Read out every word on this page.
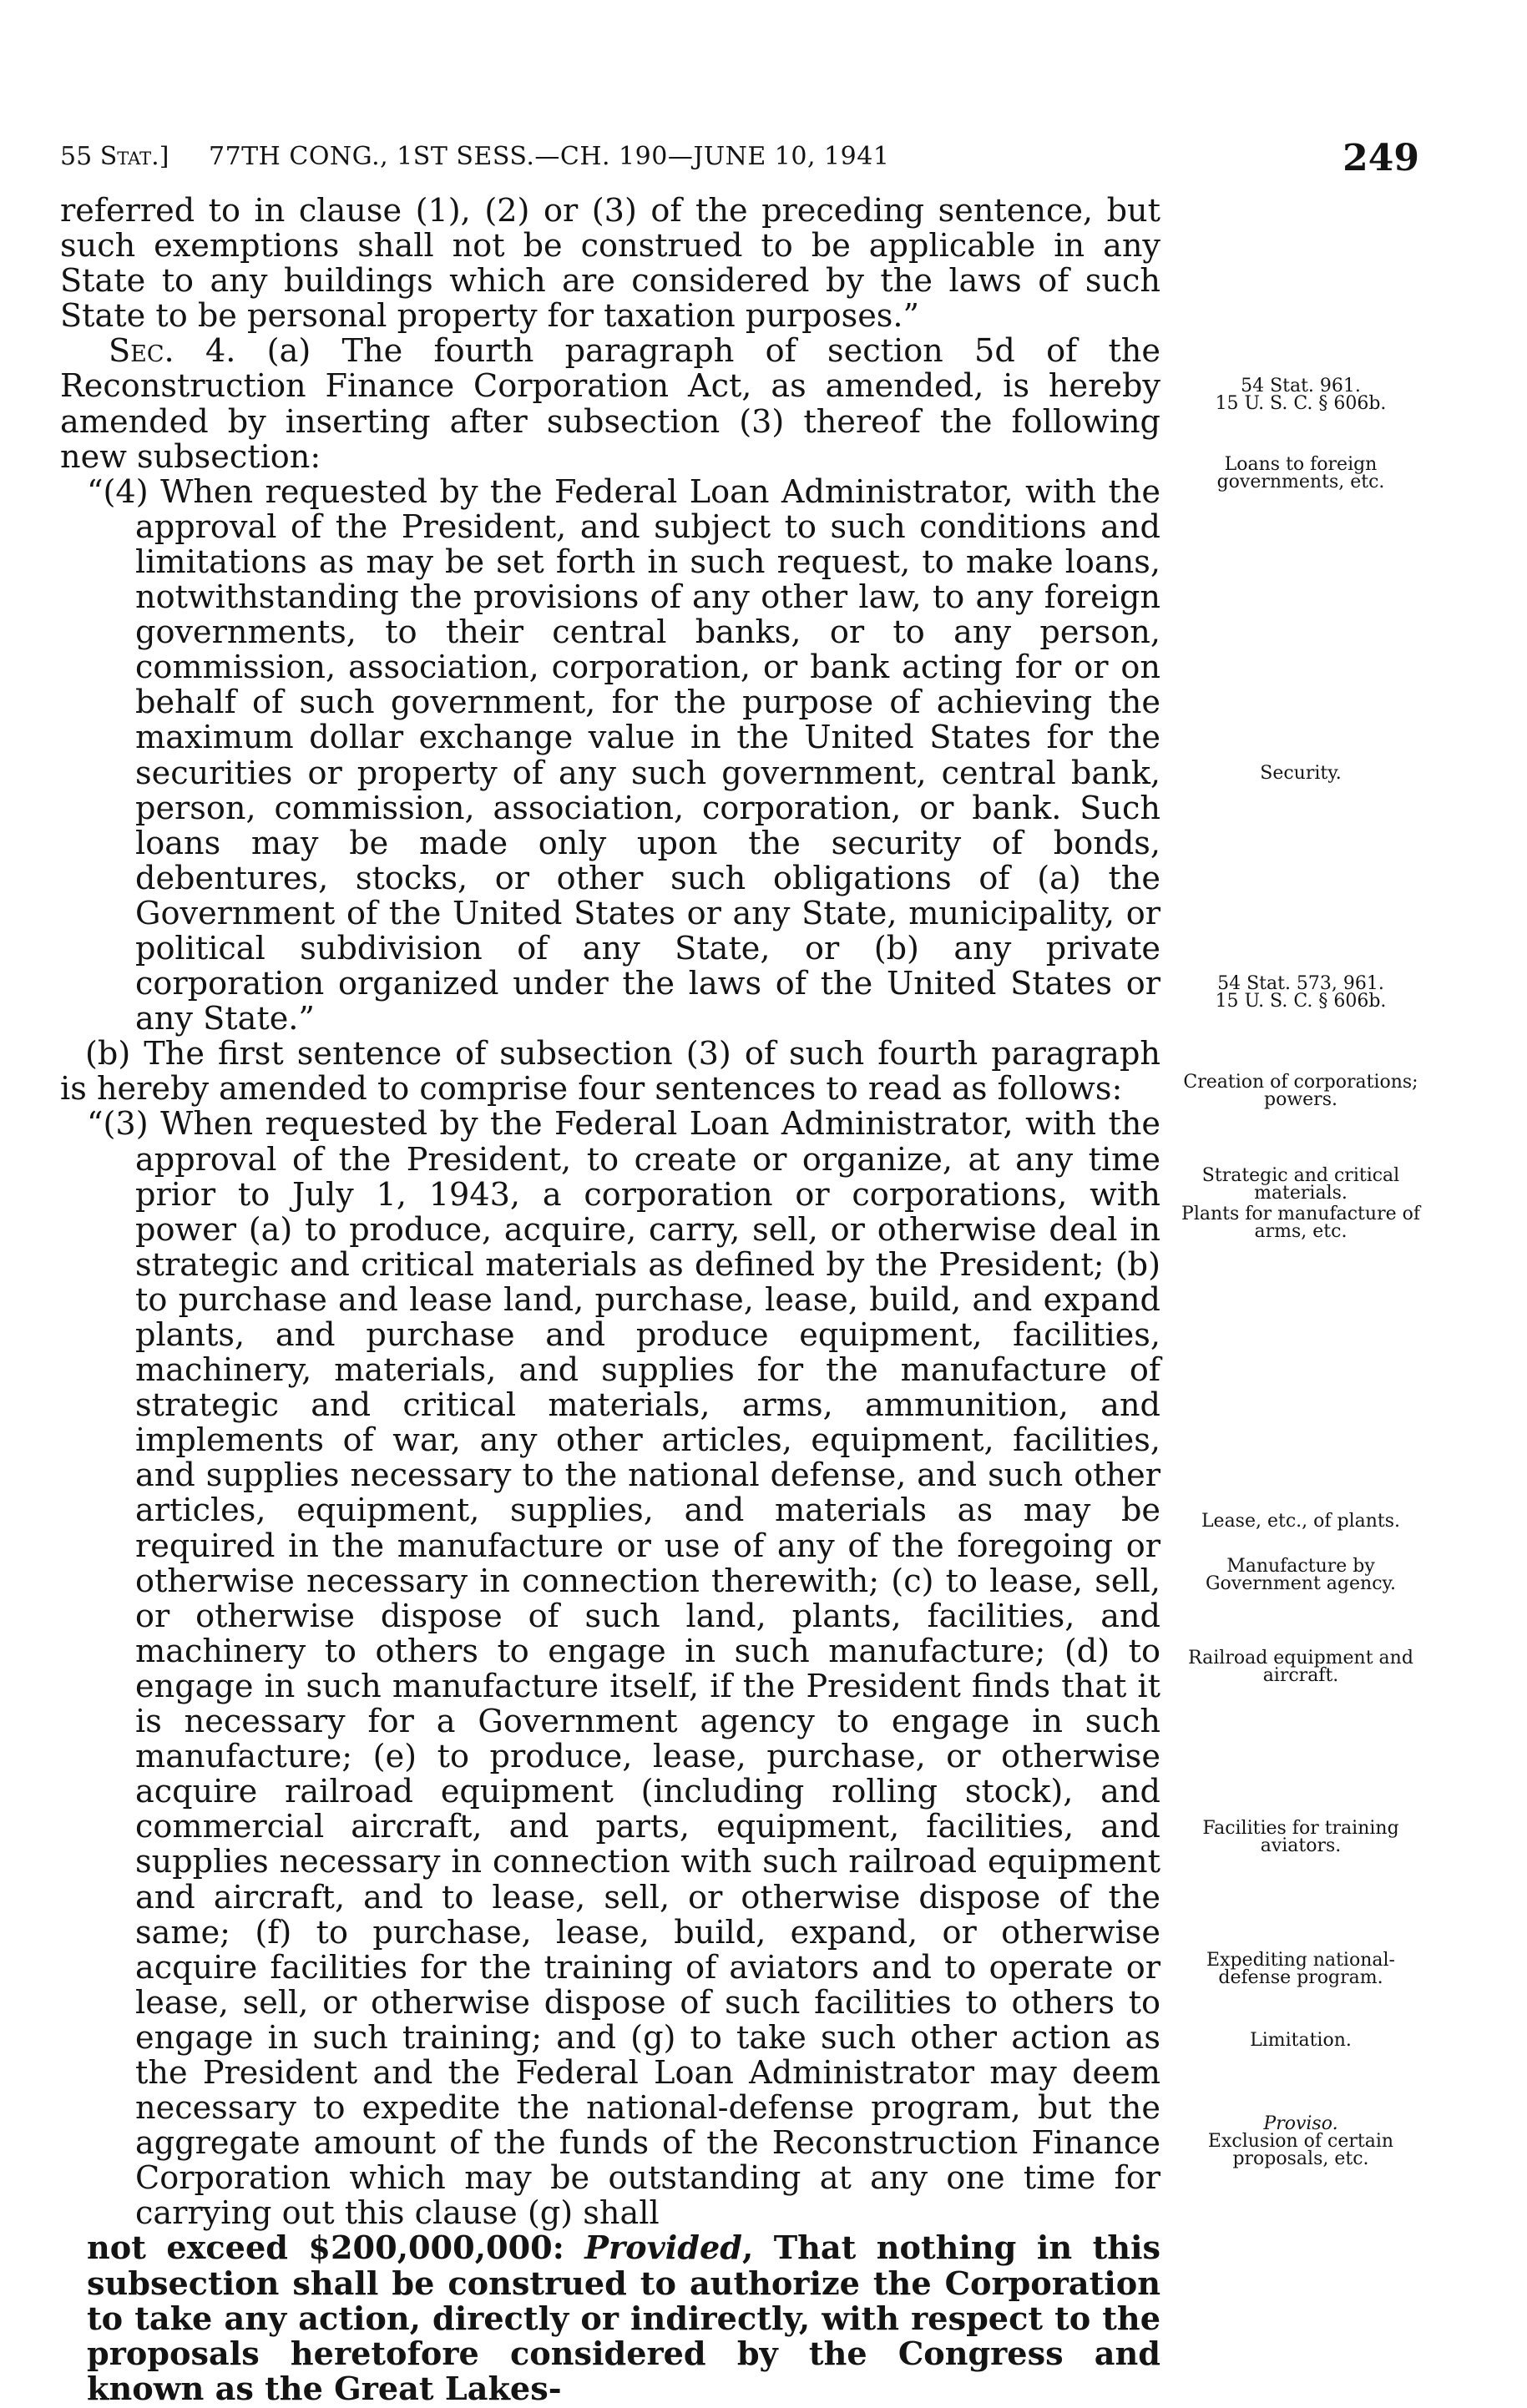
55 Stat.] 77TH CONG., 1ST SESS.—CH. 190—JUNE 10, 1941	249

referred to in clause (1), (2) or (3) of the preceding sentence, but such exemptions shall not be construed to be applicable in any State to any buildings which are considered by the laws of such State to be personal property for taxation purposes.”

Sec. 4. (a) The fourth paragraph of section 5d of the Reconstruction Finance Corporation Act, as amended, is hereby amended by inserting after subsection (3) thereof the following new subsection:

“(4) When requested by the Federal Loan Administrator, with the approval of the President, and subject to such conditions and limitations as may be set forth in such request, to make loans, notwithstanding the provisions of any other law, to any foreign governments, to their central banks, or to any person, commission, association, corporation, or bank acting for or on behalf of such government, for the purpose of achieving the maximum dollar exchange value in the United States for the securities or property of any such government, central bank, person, commission, association, corporation, or bank. Such loans may be made only upon the security of bonds, debentures, stocks, or other such obligations of (a) the Government of the United States or any State, municipality, or political subdivision of any State, or (b) any private corporation organized under the laws of the United States or any State.”

(b) The first sentence of subsection (3) of such fourth paragraph is hereby amended to comprise four sentences to read as follows:

“(3) When requested by the Federal Loan Administrator, with the approval of the President, to create or organize, at any time prior to July 1, 1943, a corporation or corporations, with power (a) to produce, acquire, carry, sell, or otherwise deal in strategic and critical materials as defined by the President; (b) to purchase and lease land, purchase, lease, build, and expand plants, and purchase and produce equipment, facilities, machinery, materials, and supplies for the manufacture of strategic and critical materials, arms, ammunition, and implements of war, any other articles, equipment, facilities, and supplies necessary to the national defense, and such other articles, equipment, supplies, and materials as may be required in the manufacture or use of any of the foregoing or otherwise necessary in connection therewith; (c) to lease, sell, or otherwise dispose of such land, plants, facilities, and machinery to others to engage in such manufacture; (d) to engage in such manufacture itself, if the President finds that it is necessary for a Government agency to engage in such manufacture; (e) to produce, lease, purchase, or otherwise acquire railroad equipment (including rolling stock), and commercial aircraft, and parts, equipment, facilities, and supplies necessary in connection with such railroad equipment and aircraft, and to lease, sell, or otherwise dispose of the same; (f) to purchase, lease, build, expand, or otherwise acquire facilities for the training of aviators and to operate or lease, sell, or otherwise dispose of such facilities to others to engage in such training; and (g) to take such other action as the President and the Federal Loan Administrator may deem necessary to expedite the national-defense program, but the aggregate amount of the funds of the Reconstruction Finance Corporation which may be outstanding at any one time for carrying out this clause (g) shall

not exceed $200,000,000: Provided, That nothing in this subsection shall be construed to authorize the Corporation to take any action, directly or indirectly, with respect to the proposals heretofore considered by the Congress and known as the Great Lakes-

54 Stat. 961.
15 U. S. C. § 606b.
Loans to foreign governments, etc.
Security.
54 Stat. 573, 961.
15 U. S. C. § 606b.
Creation of corporations; powers.
Strategic and critical materials.
Plants for manufacture of arms, etc.
Lease, etc., of plants.
Manufacture by Government agency.
Railroad equipment and aircraft.
Facilities for training aviators.
Expediting national-defense program.
Limitation.
Proviso.
Exclusion of certain proposals, etc.
